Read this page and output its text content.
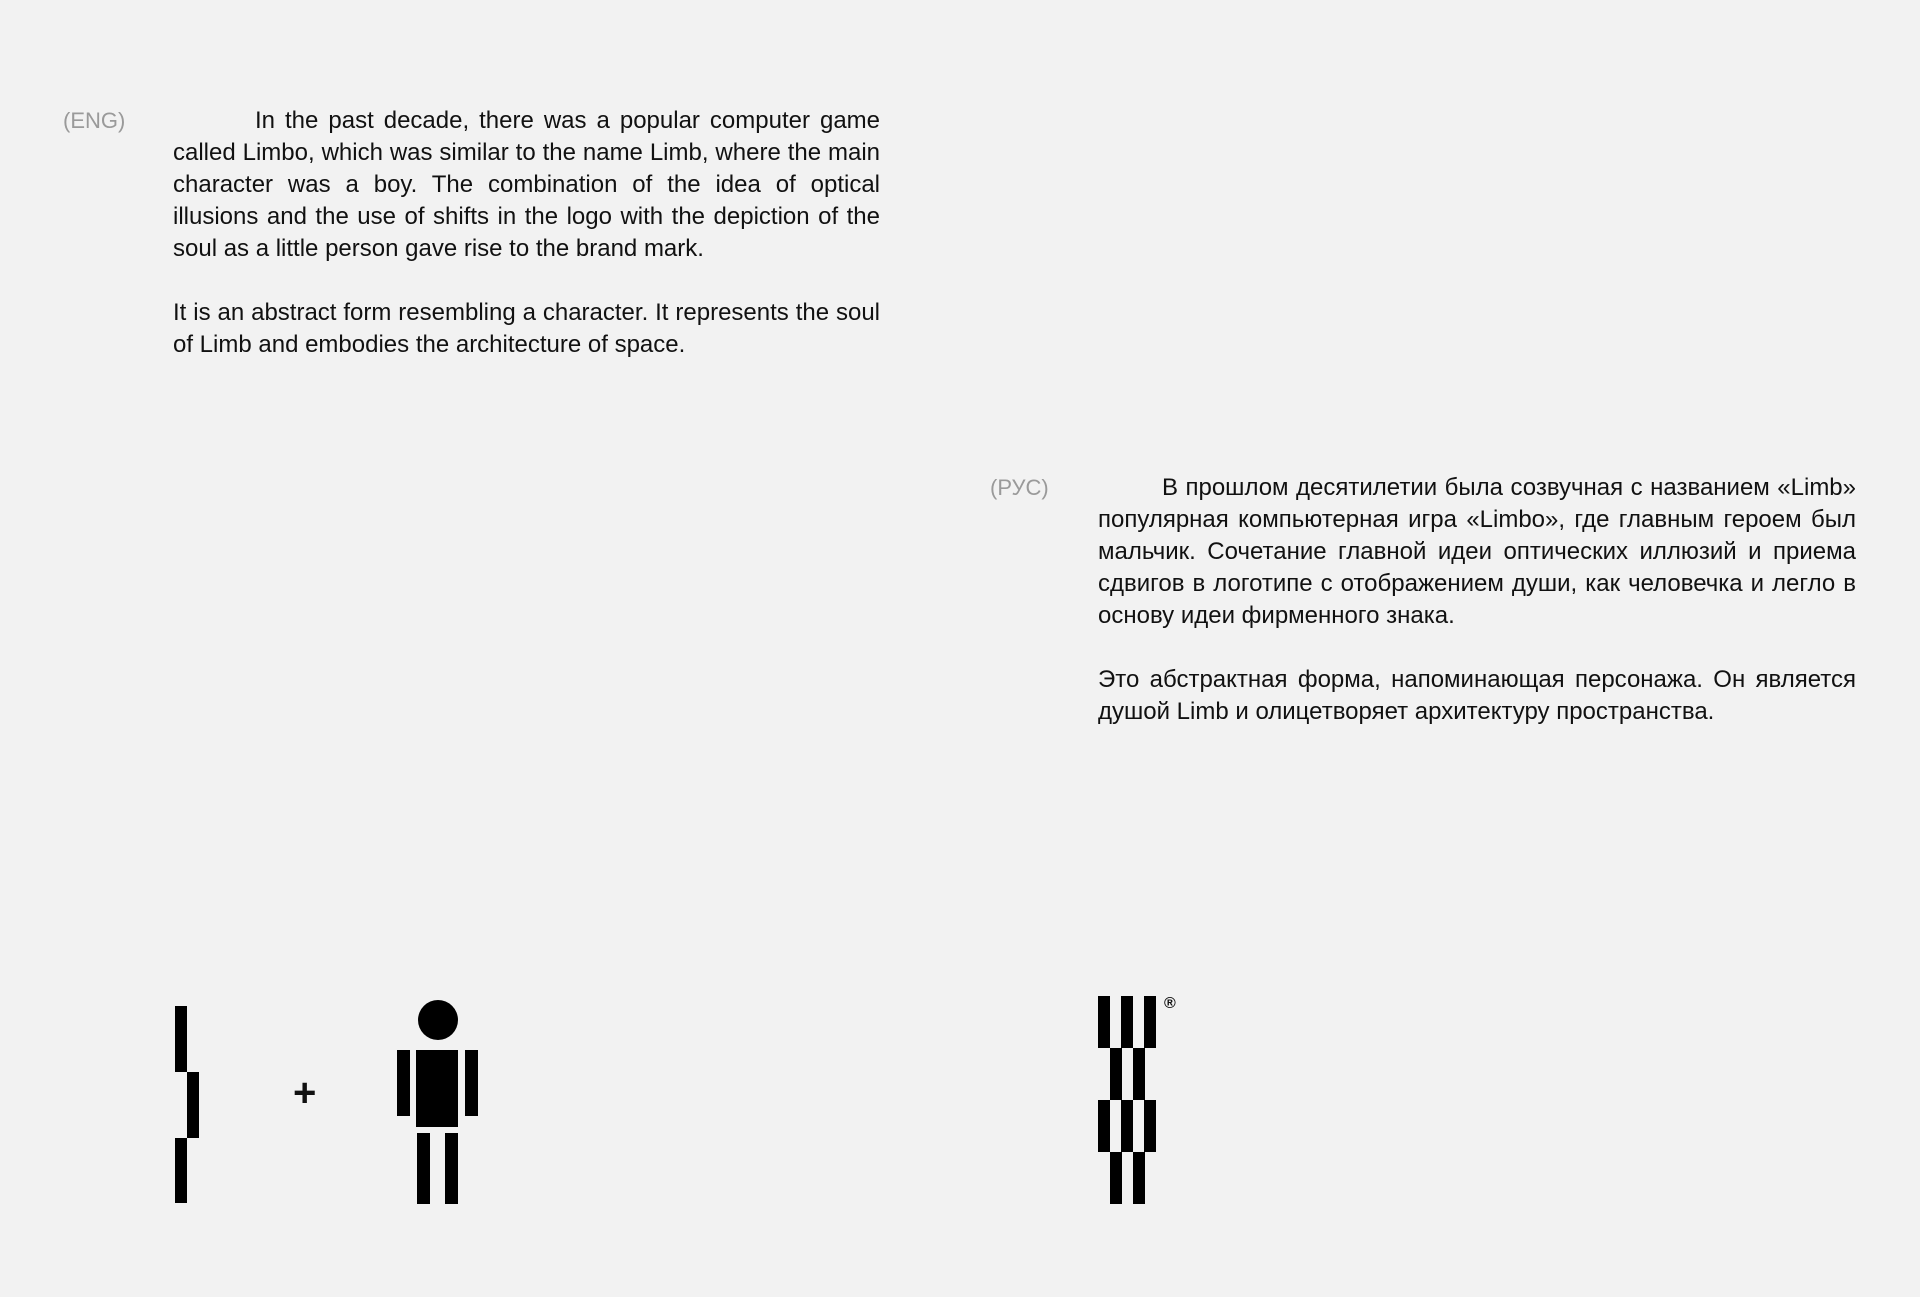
(ENG)	In the past decade, there was a popular computer game called Limbo, which was similar to the name Limb, where the main character was a boy. The combination of the idea of optical illusions and the use of shifts in the logo with the depiction of the soul as a little person gave rise to the brand mark.

It is an abstract form resembling a character. It represents the soul of Limb and embodies the architecture of space.

(РУС)	В прошлом десятилетии была созвучная с названием «Limb» популярная компьютерная игра «Limbo», где главным героем был мальчик. Сочетание главной идеи оптических иллюзий и приема сдвигов в логотипе с отображением души, как человечка и легло в основу идеи фирменного знака.

Это абстрактная форма, напоминающая персонажа. Он является душой Limb и олицетворяет архитектуру пространства.

+
®
